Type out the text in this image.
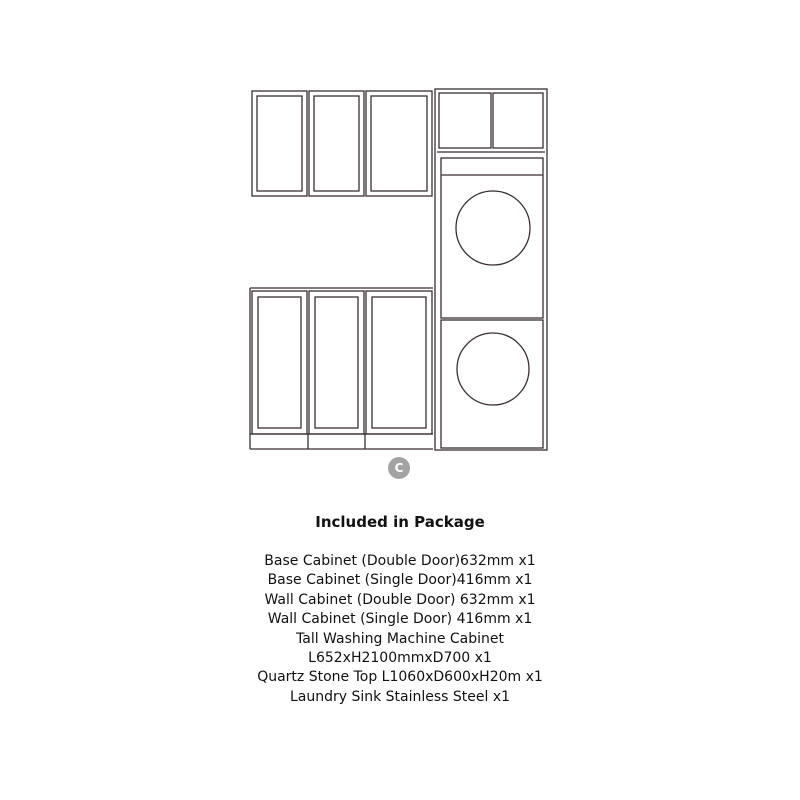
C
Included in Package
Base Cabinet (Double Door)632mm x1
Base Cabinet (Single Door)416mm x1
Wall Cabinet (Double Door) 632mm x1
Wall Cabinet (Single Door) 416mm x1
Tall Washing Machine Cabinet
L652xH2100mmxD700 x1
Quartz Stone Top L1060xD600xH20m x1
Laundry Sink Stainless Steel x1
